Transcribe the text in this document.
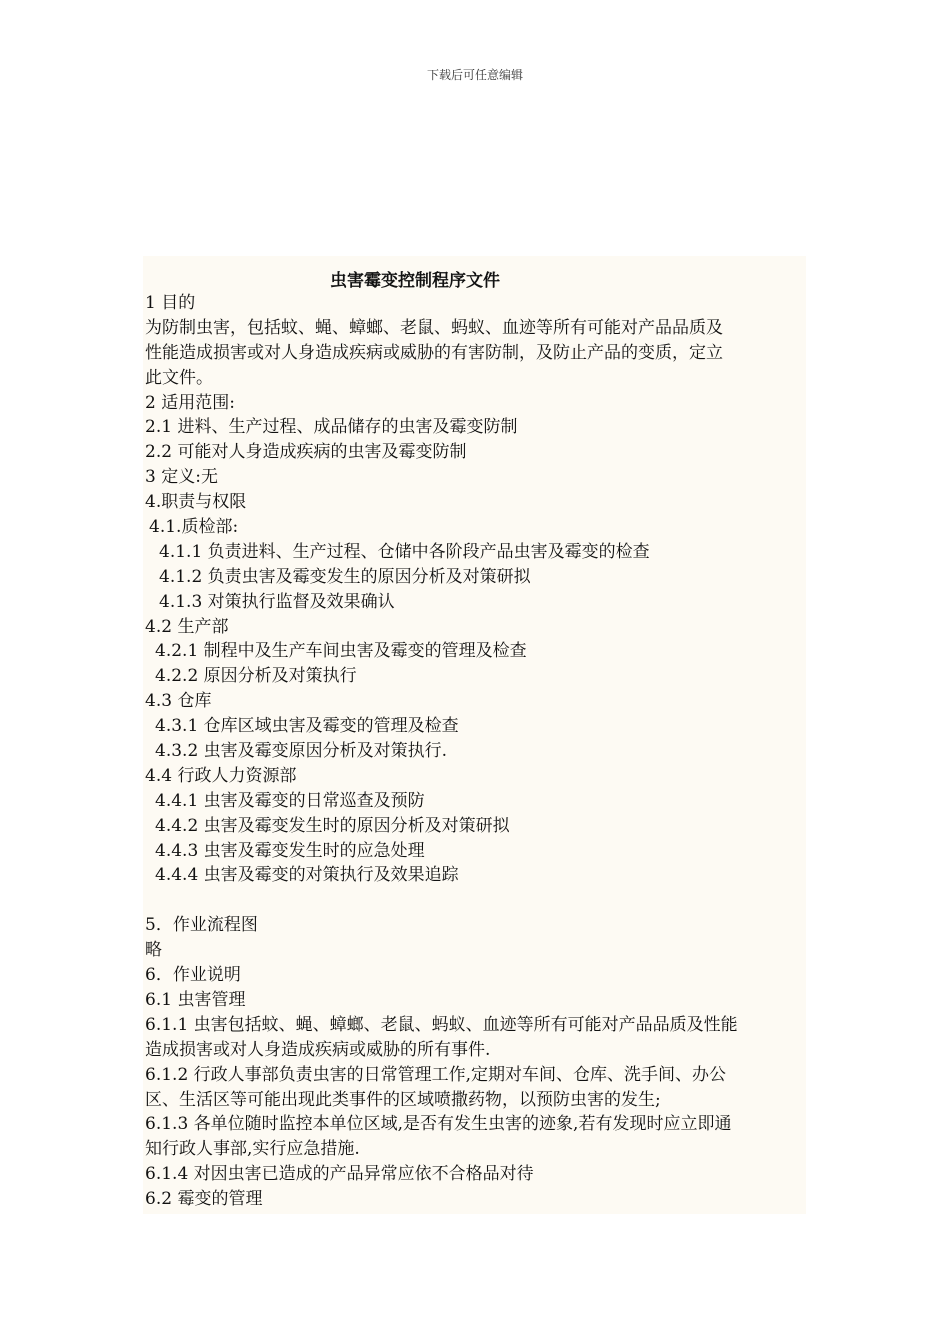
下载后可任意编辑
虫害霉变控制程序文件
1 目的
为防制虫害，包括蚊、蝇、蟑螂、老鼠、蚂蚁、血迹等所有可能对产品品质及
性能造成损害或对人身造成疾病或威胁的有害防制，及防止产品的变质，定立
此文件。
2 适用范围:
2.1 进料、生产过程、成品储存的虫害及霉变防制
2.2 可能对人身造成疾病的虫害及霉变防制
3 定义:无
4.职责与权限
4.1.质检部:
4.1.1 负责进料、生产过程、仓储中各阶段产品虫害及霉变的检查
4.1.2 负责虫害及霉变发生的原因分析及对策研拟
4.1.3 对策执行监督及效果确认
4.2 生产部
4.2.1 制程中及生产车间虫害及霉变的管理及检查
4.2.2 原因分析及对策执行
4.3 仓库
4.3.1 仓库区域虫害及霉变的管理及检查
4.3.2 虫害及霉变原因分析及对策执行.
4.4 行政人力资源部
4.4.1 虫害及霉变的日常巡查及预防
4.4.2 虫害及霉变发生时的原因分析及对策研拟
4.4.3 虫害及霉变发生时的应急处理
4.4.4 虫害及霉变的对策执行及效果追踪
5．作业流程图
略
6．作业说明
6.1 虫害管理
6.1.1 虫害包括蚊、蝇、蟑螂、老鼠、蚂蚁、血迹等所有可能对产品品质及性能
造成损害或对人身造成疾病或威胁的所有事件.
6.1.2 行政人事部负责虫害的日常管理工作,定期对车间、仓库、洗手间、办公
区、生活区等可能出现此类事件的区域喷撒药物，以预防虫害的发生;
6.1.3 各单位随时监控本单位区域,是否有发生虫害的迹象,若有发现时应立即通
知行政人事部,实行应急措施.
6.1.4 对因虫害已造成的产品异常应依不合格品对待
6.2 霉变的管理
